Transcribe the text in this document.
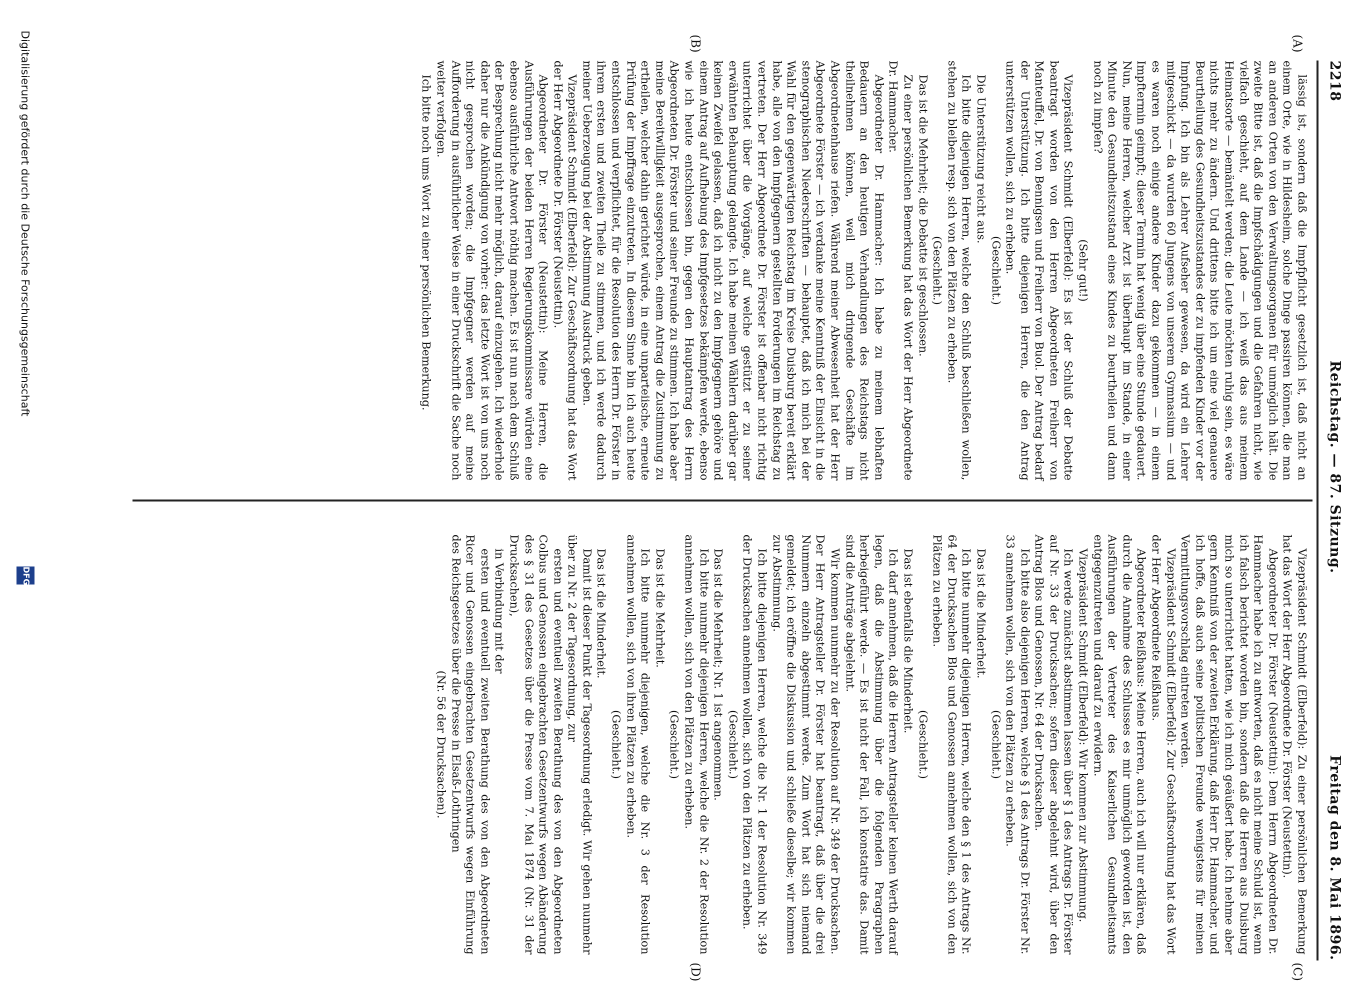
2218
Reichstag. — 87. Sitzung.
Freitag den 8. Mai 1896.

lässig ist, sondern daß die Impfpflicht gesetzlich ist, daß nicht an einem Orte, wie in Hildesheim, solche Dinge passiren können, die man an anderen Orten von den Verwaltungsorganen für unmöglich hält. Die zweite Bitte ist, daß die Impfschädigungen und die Gefahren nicht, wie vielfach geschieht, auf dem Lande — ich weiß das aus meinem Heimatsorte — bemäntelt werden; die Leute möchten ruhig sein, es wäre nichts mehr zu ändern. Und drittens bitte ich um eine viel genauere Beurtheilung des Gesundheitszustandes der zu impfenden Kinder vor der Impfung. Ich bin als Lehrer Aufseher gewesen, da wird ein Lehrer mitgeschickt — da wurden 60 Jungens von unserem Gymnasium — und es waren noch einige andere Kinder dazu gekommen — in einem Impftermin geimpft; dieser Termin hat wenig über eine Stunde gedauert. Nun, meine Herren, welcher Arzt ist überhaupt im Stande, in einer Minute den Gesundheitszustand eines Kindes zu beurtheilen und dann noch zu impfen?

(Sehr gut!)

Vizepräsident Schmidt (Elberfeld): Es ist der Schluß der Debatte beantragt worden von den Herren Abgeordneten Freiherr von Manteuffel, Dr. von Bennigsen und Freiherr von Buol. Der Antrag bedarf der Unterstützung. Ich bitte diejenigen Herren, die den Antrag unterstützen wollen, sich zu erheben.

(Geschieht.)

Die Unterstützung reicht aus.

Ich bitte diejenigen Herren, welche den Schluß beschließen wollen, stehen zu bleiben resp. sich von den Plätzen zu erheben.

(Geschieht.)

Das ist die Mehrheit; die Debatte ist geschlossen.

Zu einer persönlichen Bemerkung hat das Wort der Herr Abgeordnete Dr. Hammacher.

Abgeordneter Dr. Hammacher: Ich habe zu meinem lebhaften Bedauern an den heutigen Verhandlungen des Reichstags nicht theilnehmen können, weil mich dringende Geschäfte im Abgeordnetenhause riefen. Während meiner Abwesenheit hat der Herr Abgeordnete Förster — ich verdanke meine Kenntniß der Einsicht in die stenographischen Niederschriften — behauptet, daß ich mich bei der Wahl für den gegenwärtigen Reichstag im Kreise Duisburg bereit erklärt habe, alle von den Impfgegnern gestellten Forderungen im Reichstag zu vertreten. Der Herr Abgeordnete Dr. Förster ist offenbar nicht richtig unterrichtet über die Vorgänge, auf welche gestützt er zu seiner erwähnten Behauptung gelangte. Ich habe meinen Wählern darüber gar keinen Zweifel gelassen, daß ich nicht zu den Impfgegnern gehöre und einem Antrag auf Aufhebung des Impfgesetzes bekämpfen werde, ebenso wie ich heute entschlossen bin, gegen den Hauptantrag des Herrn Abgeordneten Dr. Förster und seiner Freunde zu stimmen. Ich habe aber meine Bereitwilligkeit ausgesprochen, einem Antrag die Zustimmung zu ertheilen, welcher dahin gerichtet würde, in eine unparteiische, erneute Prüfung der Impffrage einzutreten. In diesem Sinne bin ich auch heute entschlossen und verpflichtet, für die Resolution des Herrn Dr. Förster in ihrem ersten und zweiten Theile zu stimmen, und ich werde dadurch meiner Ueberzeugung bei der Abstimmung Ausdruck geben.

Vizepräsident Schmidt (Elberfeld): Zur Geschäftsordnung hat das Wort der Herr Abgeordnete Dr. Förster (Neustettin).

Abgeordneter Dr. Förster (Neustettin): Meine Herren, die Ausführungen der beiden Herren Regierungskommissare würden eine ebenso ausführliche Antwort nöthig machen. Es ist nun nach dem Schluß der Besprechung nicht mehr möglich, darauf einzugehen. Ich wiederhole daher nur die Ankündigung von vorher: das letzte Wort ist von uns noch nicht gesprochen worden; die Impfgegner werden auf meine Aufforderung in ausführlicher Weise in einer Druckschrift die Sache noch weiter verfolgen.

Ich bitte noch ums Wort zu einer persönlichen Bemerkung.

Vizepräsident Schmidt (Elberfeld): Zu einer persönlichen Bemerkung hat das Wort der Herr Abgeordnete Dr. Förster (Neustettin).

Abgeordneter Dr. Förster (Neustettin): Dem Herrn Abgeordneten Dr. Hammacher habe ich zu antworten, daß es nicht meine Schuld ist, wenn ich falsch berichtet worden bin, sondern daß die Herren aus Duisburg mich so unterrichtet hatten, wie ich mich geäußert habe. Ich nehme aber gern Kenntniß von der zweiten Erklärung, daß Herr Dr. Hammacher, und ich hoffe, daß auch seine politischen Freunde wenigstens für meinen Vermittlungsvorschlag eintreten werden.

Vizepräsident Schmidt (Elberfeld): Zur Geschäftsordnung hat das Wort der Herr Abgeordnete Reißhaus.

Abgeordneter Reißhaus: Meine Herren, auch ich will nur erklären, daß durch die Annahme des Schlusses es mir unmöglich geworden ist, den Ausführungen der Vertreter des Kaiserlichen Gesundheitsamts entgegenzutreten und darauf zu erwidern.

Vizepräsident Schmidt (Elberfeld): Wir kommen zur Abstimmung.

Ich werde zunächst abstimmen lassen über § 1 des Antrags Dr. Förster auf Nr. 33 der Drucksachen; sofern dieser abgelehnt wird, über den Antrag Blos und Genossen, Nr. 64 der Drucksachen.

Ich bitte also diejenigen Herren, welche § 1 des Antrags Dr. Förster Nr. 33 annehmen wollen, sich von den Plätzen zu erheben.

(Geschieht.)

Das ist die Minderheit.

Ich bitte nunmehr diejenigen Herren, welche den § 1 des Antrags Nr. 64 der Drucksachen Blos und Genossen annehmen wollen, sich von den Plätzen zu erheben.

(Geschieht.)

Das ist ebenfalls die Minderheit.

Ich darf annehmen, daß die Herren Antragsteller keinen Werth darauf legen, daß die Abstimmung über die folgenden Paragraphen herbeigeführt werde. — Es ist nicht der Fall, ich konstatire das. Damit sind die Anträge abgelehnt.

Wir kommen nunmehr zu der Resolution auf Nr. 349 der Drucksachen. Der Herr Antragsteller Dr. Förster hat beantragt, daß über die drei Nummern einzeln abgestimmt werde. Zum Wort hat sich niemand gemeldet; ich eröffne die Diskussion und schließe dieselbe; wir kommen zur Abstimmung.

Ich bitte diejenigen Herren, welche die Nr. 1 der Resolution Nr. 349 der Drucksachen annehmen wollen, sich von den Plätzen zu erheben.

(Geschieht.)

Das ist die Mehrheit; Nr. 1 ist angenommen.

Ich bitte nunmehr diejenigen Herren, welche die Nr. 2 der Resolution annehmen wollen, sich von den Plätzen zu erheben.

(Geschieht.)

Das ist die Mehrheit.

Ich bitte nunmehr diejenigen, welche die Nr. 3 der Resolution annehmen wollen, sich von ihren Plätzen zu erheben.

(Geschieht.)

Das ist die Minderheit.

Damit ist dieser Punkt der Tagesordnung erledigt. Wir gehen nunmehr über zu Nr. 2 der Tagesordnung, zur

ersten und eventuell zweiten Berathung des von den Abgeordneten Colbus und Genossen eingebrachten Gesetzentwurfs wegen Abänderung des § 31 des Gesetzes über die Presse vom 7. Mai 1874 (Nr. 31 der Drucksachen),

in Verbindung mit der

ersten und eventuell zweiten Berathung des von den Abgeordneten Ricer und Genossen eingebrachten Gesetzentwurfs wegen Einführung des Reichsgesetzes über die Presse in Elsaß-Lothringen

(Nr. 56 der Drucksachen).

(A)
(B)
(C)
(D)
Digitalisierung gefördert durch die Deutsche Forschungsgemeinschaft
DFG
